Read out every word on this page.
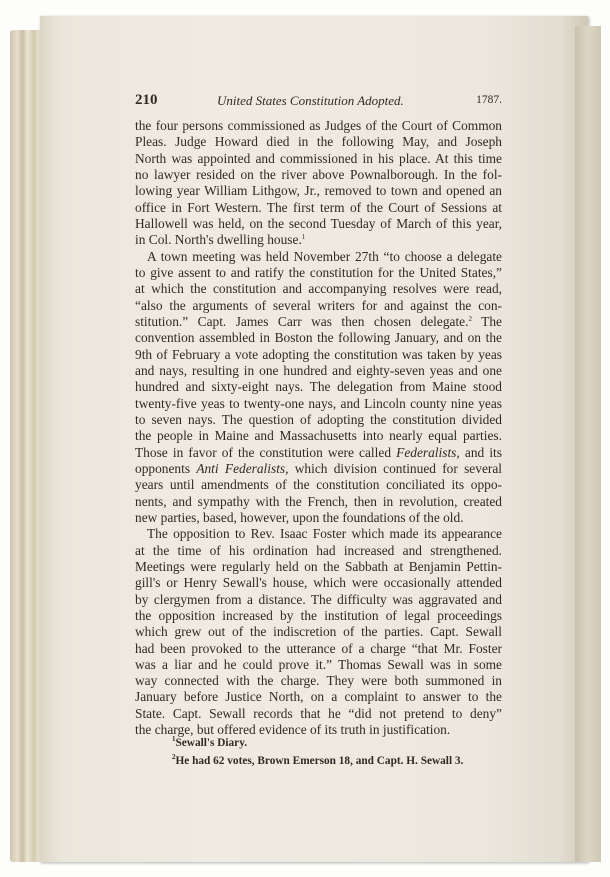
210	United States Constitution Adopted.	1787.
the four persons commissioned as Judges of the Court of Common
Pleas. Judge Howard died in the following May, and Joseph
North was appointed and commissioned in his place. At this time
no lawyer resided on the river above Pownalborough. In the fol-
lowing year William Lithgow, Jr., removed to town and opened an
office in Fort Western. The first term of the Court of Sessions at
Hallowell was held, on the second Tuesday of March of this year,
in Col. North's dwelling house.$^1$
A town meeting was held November 27th “to choose a delegate
to give assent to and ratify the constitution for the United States,”
at which the constitution and accompanying resolves were read,
“also the arguments of several writers for and against the con-
stitution.” Capt. James Carr was then chosen delegate.$^2$ The
convention assembled in Boston the following January, and on the
9th of February a vote adopting the constitution was taken by yeas
and nays, resulting in one hundred and eighty-seven yeas and one
hundred and sixty-eight nays. The delegation from Maine stood
twenty-five yeas to twenty-one nays, and Lincoln county nine yeas
to seven nays. The question of adopting the constitution divided
the people in Maine and Massachusetts into nearly equal parties.
Those in favor of the constitution were called Federalists, and its
opponents Anti Federalists, which division continued for several
years until amendments of the constitution conciliated its oppo-
nents, and sympathy with the French, then in revolution, created
new parties, based, however, upon the foundations of the old.
The opposition to Rev. Isaac Foster which made its appearance
at the time of his ordination had increased and strengthened.
Meetings were regularly held on the Sabbath at Benjamin Pettin-
gill's or Henry Sewall's house, which were occasionally attended
by clergymen from a distance. The difficulty was aggravated and
the opposition increased by the institution of legal proceedings
which grew out of the indiscretion of the parties. Capt. Sewall
had been provoked to the utterance of a charge “that Mr. Foster
was a liar and he could prove it.” Thomas Sewall was in some
way connected with the charge. They were both summoned in
January before Justice North, on a complaint to answer to the
State. Capt. Sewall records that he “did not pretend to deny”
the charge, but offered evidence of its truth in justification.
$^1$Sewall's Diary.
$^2$He had 62 votes, Brown Emerson 18, and Capt. H. Sewall 3.
